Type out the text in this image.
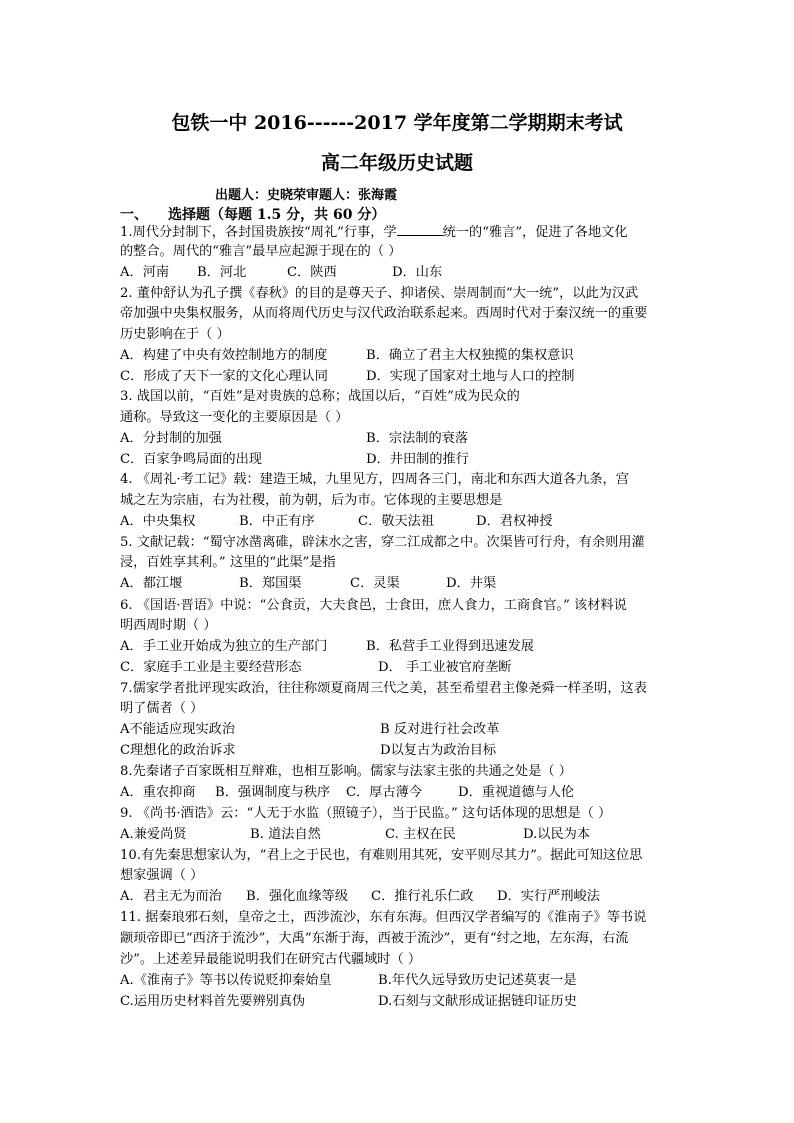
包铁一中 2016------2017 学年度第二学期期末考试
高二年级历史试题
出题人：史晓荣审题人：张海霞
一、 选择题（每题 1.5 分，共 60 分）
1.周代分封制下，各封国贵族按“周礼”行事，学	统一的“雅言”，促进了各地文化
的整合。周代的“雅言”最早应起源于现在的（ ）
A．河南 B．河北	C．陕西	D．山东
2. 董仲舒认为孔子撰《春秋》的目的是尊天子、抑诸侯、崇周制而“大一统”，以此为汉武
帝加强中央集权服务，从而将周代历史与汉代政治联系起来。西周时代对于秦汉统一的重要
历史影响在于（ ）
A．构建了中央有效控制地方的制度	B．确立了君主大权独揽的集权意识
C．形成了天下一家的文化心理认同	D．实现了国家对土地与人口的控制
3. 战国以前，“百姓”是对贵族的总称；战国以后，“百姓”成为民众的
通称。导致这一变化的主要原因是（ ）
A．分封制的加强	B．宗法制的衰落
C．百家争鸣局面的出现	D．井田制的推行
4. 《周礼·考工记》载：建造王城，九里见方，四周各三门，南北和东西大道各九条，宫
城之左为宗庙，右为社稷，前为朝，后为市。它体现的主要思想是
A．中央集权	B．中正有序	C．敬天法祖	D．君权神授
5. 文献记载：“蜀守冰凿离碓，辟沫水之害，穿二江成都之中。次渠皆可行舟，有余则用灌
浸，百姓享其利。” 这里的“此渠”是指
A．都江堰	B．郑国渠	C．灵渠	D．井渠
6. 《国语·晋语》中说：“公食贡，大夫食邑，士食田，庶人食力，工商食官。” 该材料说
明西周时期（ ）
A．手工业开始成为独立的生产部门	B．私营手工业得到迅速发展
C．家庭手工业是主要经营形态	D． 手工业被官府垄断
7.儒家学者批评现实政治，往往称颂夏商周三代之美，甚至希望君主像尧舜一样圣明，这表
明了儒者（ ）
A不能适应现实政治	B 反对进行社会改革
C理想化的政治诉求	D以复古为政治目标
8.先秦诸子百家既相互辩难，也相互影响。儒家与法家主张的共通之处是（ ）
A．重农抑商 B．强调制度与秩序 C．厚古薄今	D．重视道德与人伦
9. 《尚书·酒诰》云：“人无于水监（照镜子），当于民监。” 这句话体现的思想是（ ）
A.兼爱尚贤	B. 道法自然	C. 主权在民	D.以民为本
10.有先秦思想家认为，“君上之于民也，有难则用其死，安平则尽其力”。据此可知这位思
想家强调（ ）
A．君主无为而治 B．强化血缘等级 C．推行礼乐仁政 D．实行严刑峻法
11. 据秦琅邪石刻，皇帝之土，西涉流沙，东有东海。但西汉学者编写的《淮南子》等书说
颛顼帝即已“西济于流沙”，大禹“东渐于海，西被于流沙”，更有“纣之地，左东海，右流
沙”。上述差异最能说明我们在研究古代疆域时（ ）
A.《淮南子》等书以传说贬抑秦始皇	B.年代久远导致历史记述莫衷一是
C.运用历史材料首先要辨别真伪	D.石刻与文献形成证据链印证历史
